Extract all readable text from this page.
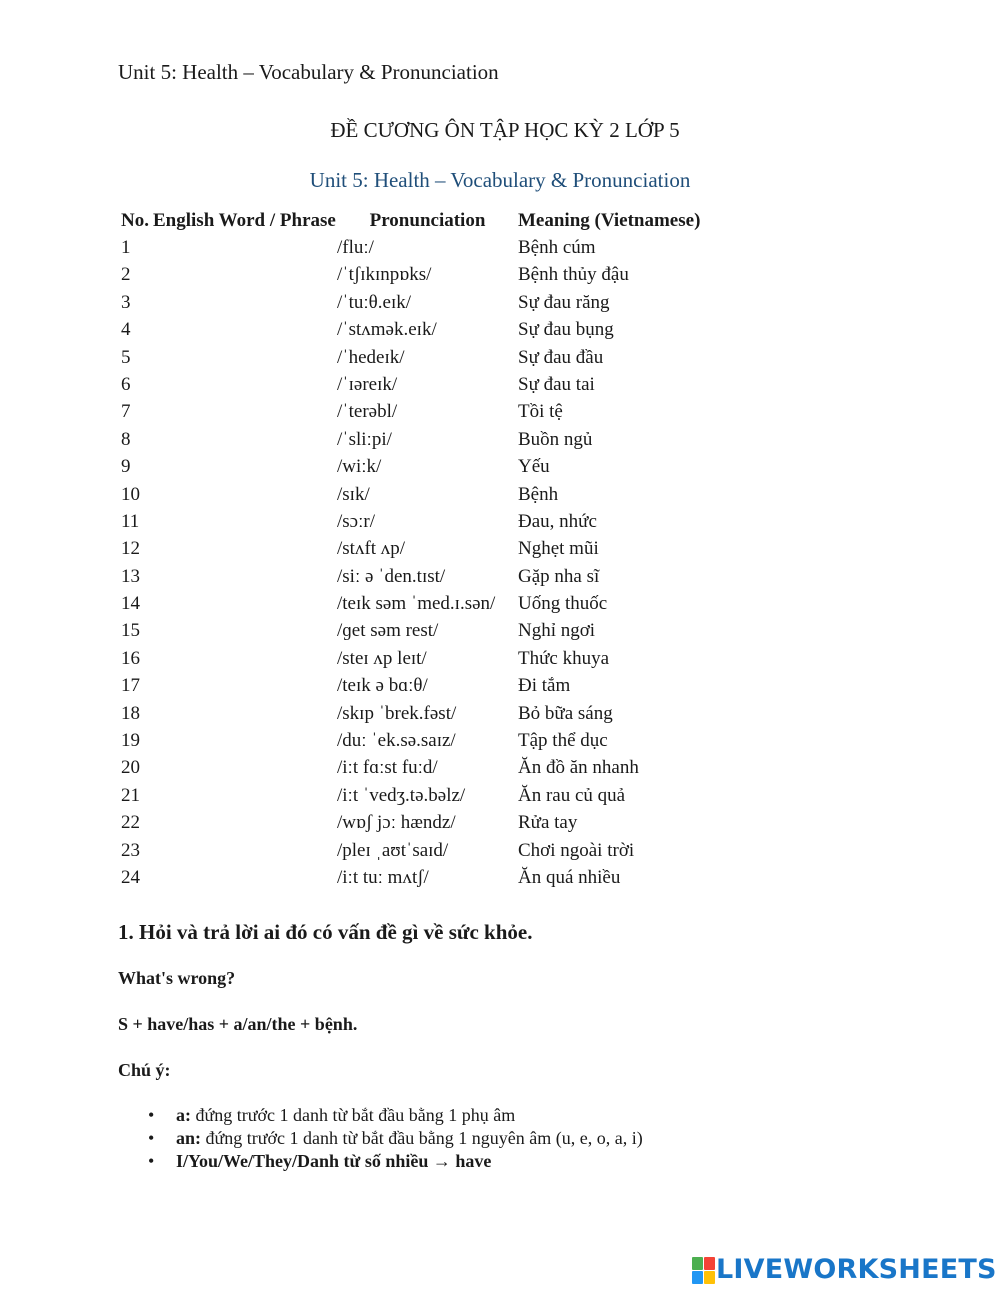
Unit 5: Health – Vocabulary & Pronunciation
ĐỀ CƯƠNG ÔN TẬP HỌC KỲ 2 LỚP 5
Unit 5: Health – Vocabulary & Pronunciation
No.	English Word / Phrase	Pronunciation	Meaning (Vietnamese)
1		/fluː/	Bệnh cúm
2		/ˈtʃɪkɪnpɒks/	Bệnh thủy đậu
3		/ˈtuːθ.eɪk/	Sự đau răng
4		/ˈstʌmək.eɪk/	Sự đau bụng
5		/ˈhedeɪk/	Sự đau đầu
6		/ˈɪəreɪk/	Sự đau tai
7		/ˈterəbl/	Tồi tệ
8		/ˈsliːpi/	Buồn ngủ
9		/wiːk/	Yếu
10		/sɪk/	Bệnh
11		/sɔːr/	Đau, nhức
12		/stʌft ʌp/	Nghẹt mũi
13		/siː ə ˈden.tɪst/	Gặp nha sĩ
14		/teɪk səm ˈmed.ɪ.sən/	Uống thuốc
15		/ɡet səm rest/	Nghỉ ngơi
16		/steɪ ʌp leɪt/	Thức khuya
17		/teɪk ə bɑːθ/	Đi tắm
18		/skɪp ˈbrek.fəst/	Bỏ bữa sáng
19		/duː ˈek.sə.saɪz/	Tập thể dục
20		/iːt fɑːst fuːd/	Ăn đồ ăn nhanh
21		/iːt ˈvedʒ.tə.bəlz/	Ăn rau củ quả
22		/wɒʃ jɔː hændz/	Rửa tay
23		/pleɪ ˌaʊtˈsaɪd/	Chơi ngoài trời
24		/iːt tuː mʌtʃ/	Ăn quá nhiều
1. Hỏi và trả lời ai đó có vấn đề gì về sức khỏe.
What's wrong?
S + have/has + a/an/the + bệnh.
Chú ý:
• a: đứng trước 1 danh từ bắt đầu bằng 1 phụ âm
• an: đứng trước 1 danh từ bắt đầu bằng 1 nguyên âm (u, e, o, a, i)
• I/You/We/They/Danh từ số nhiều → have
LIVEWORKSHEETS
